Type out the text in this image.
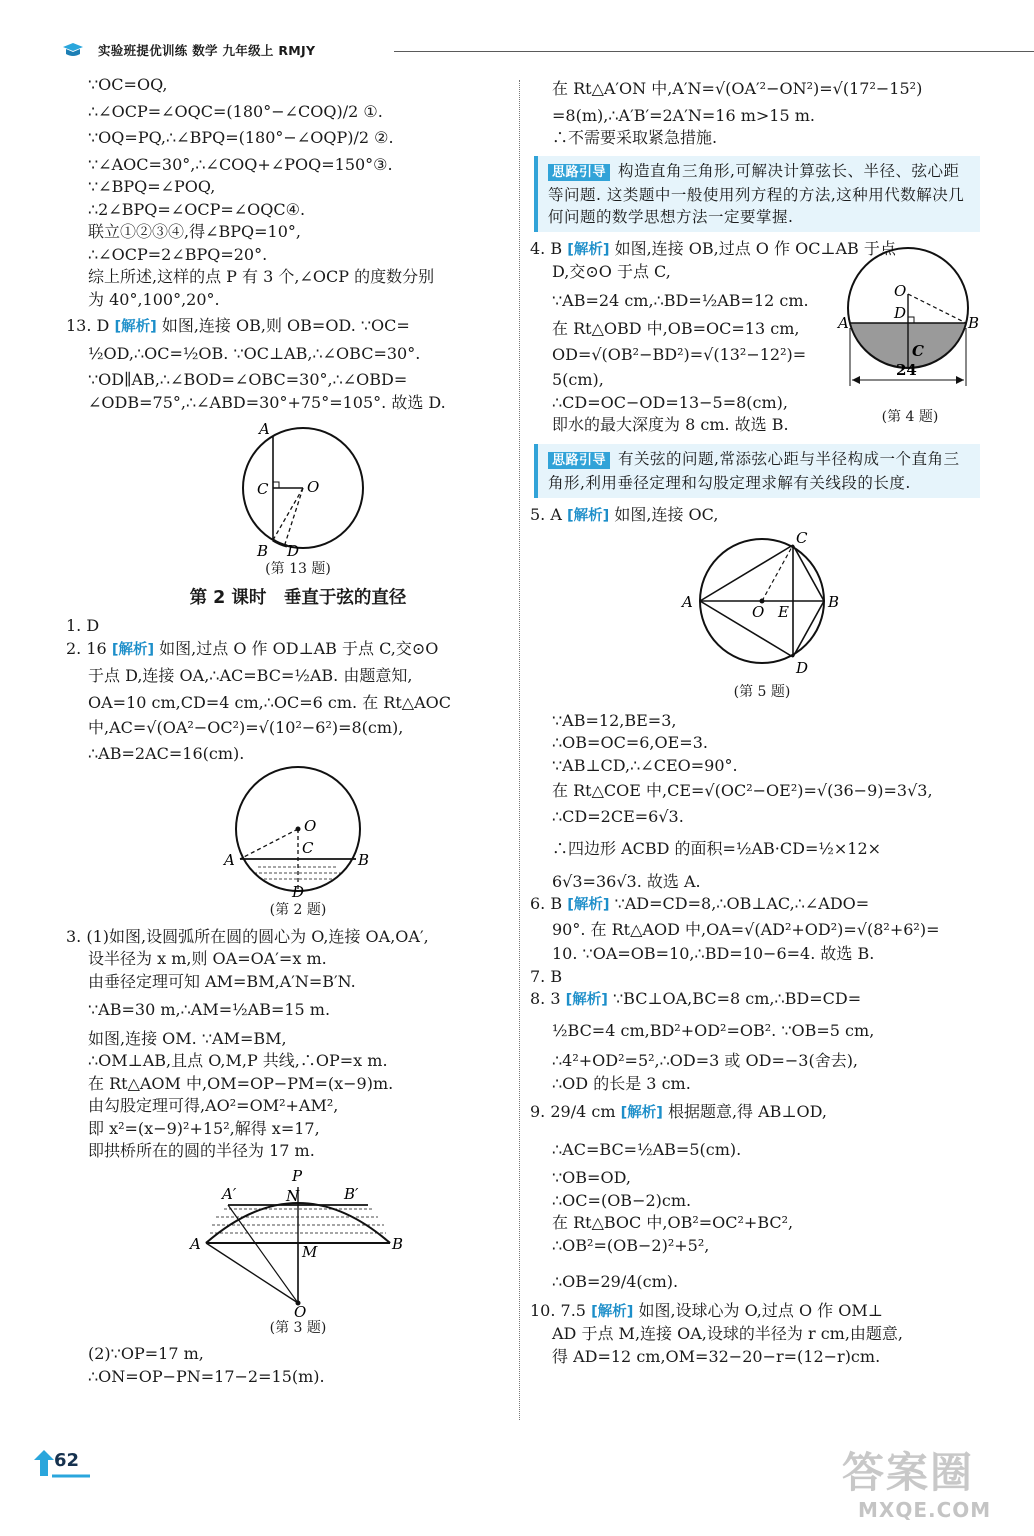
实验班提优训练 数学 九年级上 RMJY
∵OC=OQ,
∴∠OCP=∠OQC=(180°−∠COQ)/2 ①.
∵OQ=PQ,∴∠BPQ=(180°−∠OQP)/2 ②.
∵∠AOC=30°,∴∠COQ+∠POQ=150°③.
∵∠BPQ=∠POQ,
∴2∠BPQ=∠OCP=∠OQC④.
联立①②③④,得∠BPQ=10°,
∴∠OCP=2∠BPQ=20°.
综上所述,这样的点 P 有 3 个,∠OCP 的度数分别
为 40°,100°,20°.
13. D [解析] 如图,连接 OB,则 OB=OD. ∵OC=
½OD,∴OC=½OB. ∵OC⊥AB,∴∠OBC=30°.
∵OD∥AB,∴∠BOD=∠OBC=30°,∴∠OBD=
∠ODB=75°,∴∠ABD=30°+75°=105°. 故选 D.
A
B
C	O
D
(第 13 题)
第 2 课时　垂直于弦的直径
1. D
2. 16 [解析] 如图,过点 O 作 OD⊥AB 于点 C,交⊙O
于点 D,连接 OA,∴AC=BC=½AB. 由题意知,
OA=10 cm,CD=4 cm,∴OC=6 cm. 在 Rt△AOC
中,AC=√(OA²−OC²)=√(10²−6²)=8(cm),
∴AB=2AC=16(cm).
O
C
A	B
D
(第 2 题)
3. (1)如图,设圆弧所在圆的圆心为 O,连接 OA,OA′,
设半径为 x m,则 OA=OA′=x m.
由垂径定理可知 AM=BM,A′N=B′N.
∵AB=30 m,∴AM=½AB=15 m.
如图,连接 OM. ∵AM=BM,
∴OM⊥AB,且点 O,M,P 共线,∴OP=x m.
在 Rt△AOM 中,OM=OP−PM=(x−9)m.
由勾股定理可得,AO²=OM²+AM²,
即 x²=(x−9)²+15²,解得 x=17,
即拱桥所在的圆的半径为 17 m.
P
A′	N	B′
A	B
M
O
(第 3 题)
(2)∵OP=17 m,
∴ON=OP−PN=17−2=15(m).
在 Rt△A′ON 中,A′N=√(OA′²−ON²)=√(17²−15²)
=8(m),∴A′B′=2A′N=16 m>15 m.
∴不需要采取紧急措施.
思路引导 构造直角三角形,可解决计算弦长、半径、弦心距等问题. 这类题中一般使用列方程的方法,这种用代数解决几何问题的数学思想方法一定要掌握.
4. B [解析] 如图,连接 OB,过点 O 作 OC⊥AB 于点
D,交⊙O 于点 C,
∵AB=24 cm,∴BD=½AB=12 cm.
在 Rt△OBD 中,OB=OC=13 cm,
OD=√(OB²−BD²)=√(13²−12²)=
5(cm),
∴CD=OC−OD=13−5=8(cm),
即水的最大深度为 8 cm. 故选 B.
O
D
A	B
C
24
(第 4 题)
思路引导 有关弦的问题,常添弦心距与半径构成一个直角三角形,利用垂径定理和勾股定理求解有关线段的长度.
5. A [解析] 如图,连接 OC,
C
A
O E
B
D
(第 5 题)
∵AB=12,BE=3,
∴OB=OC=6,OE=3.
∵AB⊥CD,∴∠CEO=90°.
在 Rt△COE 中,CE=√(OC²−OE²)=√(36−9)=3√3,
∴CD=2CE=6√3.
∴四边形 ACBD 的面积=½AB·CD=½×12×
6√3=36√3. 故选 A.
6. B [解析] ∵AD=CD=8,∴OB⊥AC,∴∠ADO=
90°. 在 Rt△AOD 中,OA=√(AD²+OD²)=√(8²+6²)=
10. ∵OA=OB=10,∴BD=10−6=4. 故选 B.
7. B
8. 3 [解析] ∵BC⊥OA,BC=8 cm,∴BD=CD=
½BC=4 cm,BD²+OD²=OB². ∵OB=5 cm,
∴4²+OD²=5²,∴OD=3 或 OD=−3(舍去),
∴OD 的长是 3 cm.
9. 29/4 cm [解析] 根据题意,得 AB⊥OD,
∴AC=BC=½AB=5(cm).
∵OB=OD,
∴OC=(OB−2)cm.
在 Rt△BOC 中,OB²=OC²+BC²,
∴OB²=(OB−2)²+5²,
∴OB=29/4(cm).
10. 7.5 [解析] 如图,设球心为 O,过点 O 作 OM⊥
AD 于点 M,连接 OA,设球的半径为 r cm,由题意,
得 AD=12 cm,OM=32−20−r=(12−r)cm.
62	答案圈
MXQE.COM
